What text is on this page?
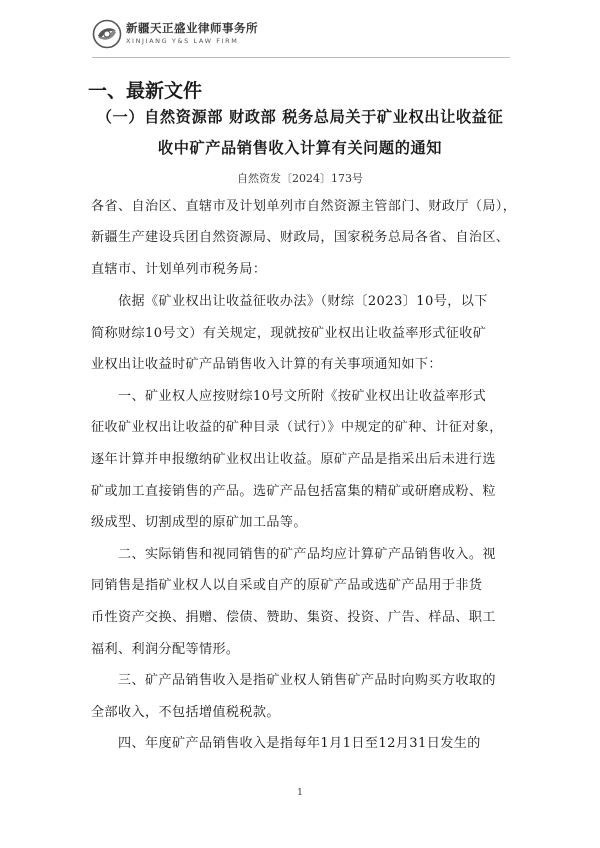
新疆天正盛业律师事务所
XINJIANG Y&S LAW FIRM
一、最新文件
（一）自然资源部 财政部 税务总局关于矿业权出让收益征
收中矿产品销售收入计算有关问题的通知
自然资发〔2024〕173号
各省、自治区、直辖市及计划单列市自然资源主管部门、财政厅（局），
新疆生产建设兵团自然资源局、财政局，国家税务总局各省、自治区、
直辖市、计划单列市税务局：
依据《矿业权出让收益征收办法》（财综〔2023〕10号，以下
简称财综10号文）有关规定，现就按矿业权出让收益率形式征收矿
业权出让收益时矿产品销售收入计算的有关事项通知如下：
一、矿业权人应按财综10号文所附《按矿业权出让收益率形式
征收矿业权出让收益的矿种目录（试行）》中规定的矿种、计征对象，
逐年计算并申报缴纳矿业权出让收益。原矿产品是指采出后未进行选
矿或加工直接销售的产品。选矿产品包括富集的精矿或研磨成粉、粒
级成型、切割成型的原矿加工品等。
二、实际销售和视同销售的矿产品均应计算矿产品销售收入。视
同销售是指矿业权人以自采或自产的原矿产品或选矿产品用于非货
币性资产交换、捐赠、偿债、赞助、集资、投资、广告、样品、职工
福利、利润分配等情形。
三、矿产品销售收入是指矿业权人销售矿产品时向购买方收取的
全部收入，不包括增值税税款。
四、年度矿产品销售收入是指每年1月1日至12月31日发生的
1
